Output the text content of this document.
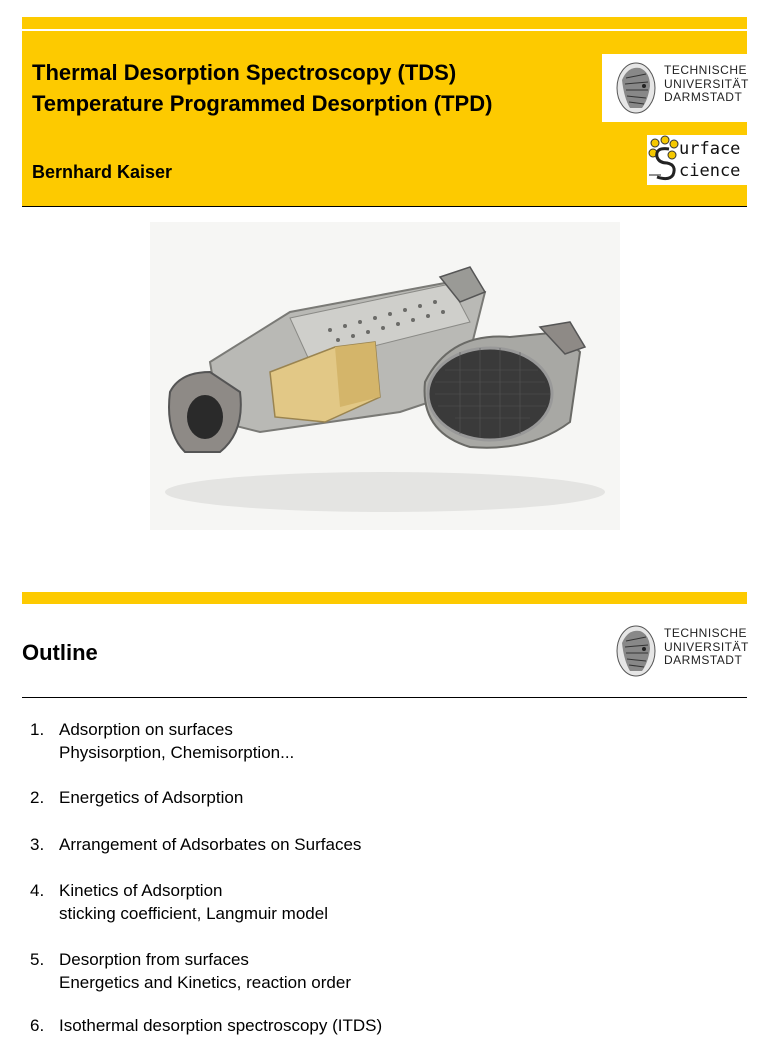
Thermal Desorption Spectroscopy (TDS)
Temperature Programmed Desorption (TPD)
Bernhard Kaiser
TECHNISCHE
UNIVERSITÄT
DARMSTADT
urface
cience
TECHNISCHE
UNIVERSITÄT
DARMSTADT
Outline
1. Adsorption on surfaces
Physisorption, Chemisorption...
2. Energetics of Adsorption
3. Arrangement of Adsorbates on Surfaces
4. Kinetics of Adsorption
sticking coefficient, Langmuir model
5. Desorption from surfaces
Energetics and Kinetics, reaction order
6. Isothermal desorption spectroscopy (ITDS)
